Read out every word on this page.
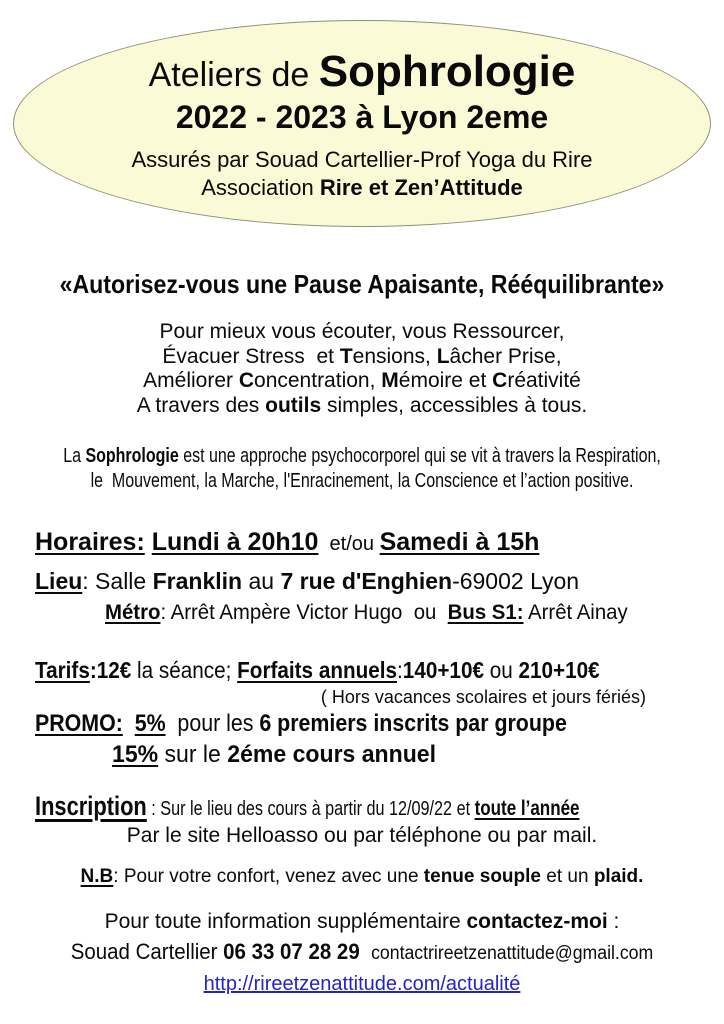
Ateliers de Sophrologie
2022 - 2023 à Lyon 2eme
Assurés par Souad Cartellier-Prof Yoga du Rire
Association Rire et Zen’Attitude
«Autorisez-vous une Pause Apaisante, Rééquilibrante»
Pour mieux vous écouter, vous Ressourcer,
Évacuer Stress  et Tensions, Lâcher Prise,
Améliorer Concentration, Mémoire et Créativité
A travers des outils simples, accessibles à tous.
La Sophrologie est une approche psychocorporel qui se vit à travers la Respiration,
le  Mouvement, la Marche, l'Enracinement, la Conscience et l’action positive.
Horaires: Lundi à 20h10  et/ou Samedi à 15h
Lieu: Salle Franklin au 7 rue d'Enghien-69002 Lyon
Métro: Arrêt Ampère Victor Hugo  ou  Bus S1: Arrêt Ainay
Tarifs:12€ la séance; Forfaits annuels:140+10€ ou 210+10€
( Hors vacances scolaires et jours fériés)
PROMO: 5%  pour les 6 premiers inscrits par groupe
15% sur le 2éme cours annuel
Inscription : Sur le lieu des cours à partir du 12/09/22 et toute l’année
Par le site Helloasso ou par téléphone ou par mail.
N.B: Pour votre confort, venez avec une tenue souple et un plaid.
Pour toute information supplémentaire contactez-moi :
Souad Cartellier 06 33 07 28 29 contactrireetzenattitude@gmail.com
http://rireetzenattitude.com/actualité
